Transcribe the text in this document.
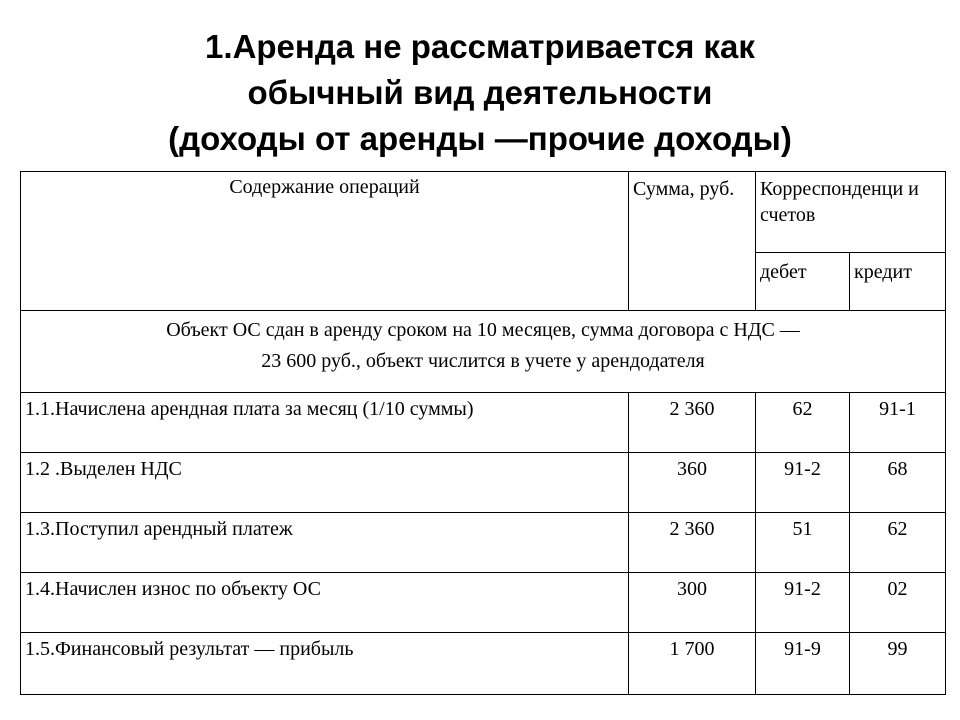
1.Аренда не рассматривается как
обычный вид деятельности
(доходы от аренды —прочие доходы)
Содержание операций	Сумма, руб.	Корреспонденци и счетов	
		дебет	кредит

Объект ОС сдан в аренду сроком на 10 месяцев, сумма договора с НДС —
23 600 руб., объект числится в учете у арендодателя			

1.1.Начислена арендная плата за месяц (1/10 суммы)	2 360	62	91-1
1.2 .Выделен НДС	360	91-2	68
1.3.Поступил арендный платеж	2 360	51	62
1.4.Начислен износ по объекту ОС	300	91-2	02
1.5.Финансовый результат — прибыль	1 700	91-9	99
